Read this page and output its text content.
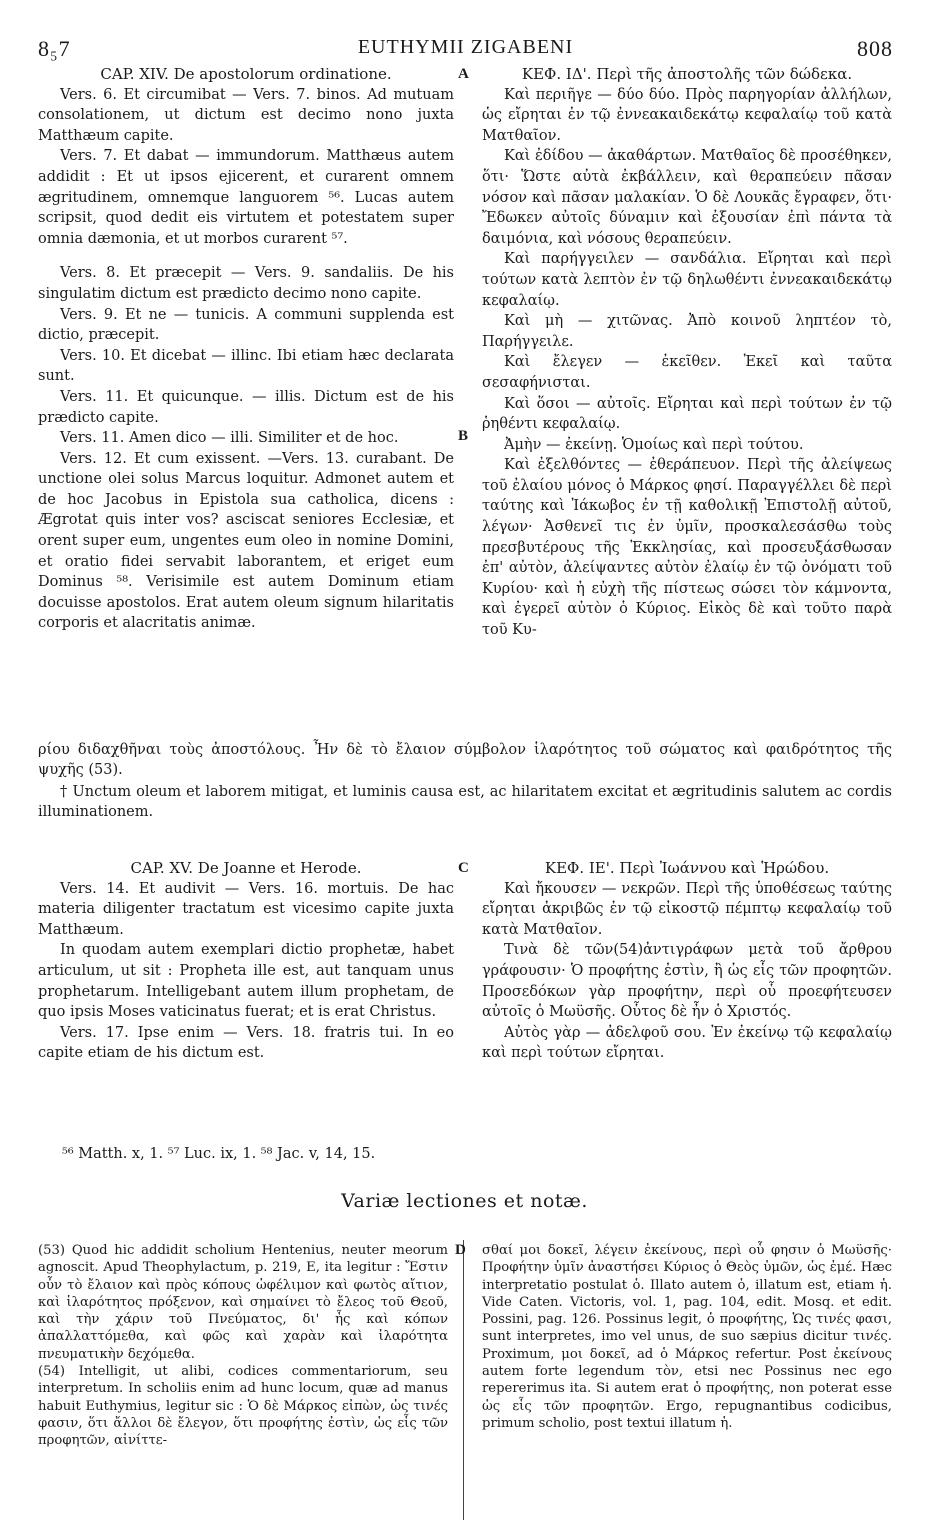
8₅7	EUTHYMII ZIGABENI	808

CAP. XIV. De apostolorum ordinatione.

Vers. 6. Et circumibat — Vers. 7. binos. Ad mutuam consolationem, ut dictum est decimo nono juxta Matthæum capite.

Vers. 7. Et dabat — immundorum. Matthæus autem addidit : Et ut ipsos ejicerent, et curarent omnem ægritudinem, omnemque languorem ⁵⁶. Lucas autem scripsit, quod dedit eis virtutem et potestatem super omnia dæmonia, et ut morbos curarent ⁵⁷.

Vers. 8. Et præcepit — Vers. 9. sandaliis. De his singulatim dictum est prædicto decimo nono capite.

Vers. 9. Et ne — tunicis. A communi supplenda est dictio, præcepit.

Vers. 10. Et dicebat — illinc. Ibi etiam hæc declarata sunt.

Vers. 11. Et quicunque. — illis. Dictum est de his prædicto capite.

Vers. 11. Amen dico — illi. Similiter et de hoc.

Vers. 12. Et cum exissent. —Vers. 13. curabant. De unctione olei solus Marcus loquitur. Admonet autem et de hoc Jacobus in Epistola sua catholica, dicens : Ægrotat quis inter vos? asciscat seniores Ecclesiæ, et orent super eum, ungentes eum oleo in nomine Domini, et oratio fidei servabit laborantem, et eriget eum Dominus ⁵⁸. Verisimile est autem Dominum etiam docuisse apostolos. Erat autem oleum signum hilaritatis corporis et alacritatis animæ.

A	ΚΕΦ. ΙΔ'. Περὶ τῆς ἀποστολῆς τῶν δώδεκα.

Καὶ περιῆγε — δύο δύο. Πρὸς παρηγορίαν ἀλλήλων, ὡς εἴρηται ἐν τῷ ἐννεακαιδεκάτῳ κεφαλαίῳ τοῦ κατὰ Ματθαῖον.

Καὶ ἐδίδου — ἀκαθάρτων. Ματθαῖος δὲ προσέθηκεν, ὅτι· Ὥστε αὐτὰ ἐκβάλλειν, καὶ θεραπεύειν πᾶσαν νόσον καὶ πᾶσαν μαλακίαν. Ὁ δὲ Λουκᾶς ἔγραφεν, ὅτι· Ἔδωκεν αὐτοῖς δύναμιν καὶ ἐξουσίαν ἐπὶ πάντα τὰ δαιμόνια, καὶ νόσους θεραπεύειν.

Καὶ παρήγγειλεν — σανδάλια. Εἴρηται καὶ περὶ τούτων κατὰ λεπτὸν ἐν τῷ δηλωθέντι ἐννεακαιδεκάτῳ κεφαλαίῳ.

Καὶ μὴ — χιτῶνας. Ἀπὸ κοινοῦ ληπτέον τὸ, Παρήγγειλε.

Καὶ ἔλεγεν — ἐκεῖθεν. Ἐκεῖ καὶ ταῦτα σεσαφήνισται.

Καὶ ὅσοι — αὐτοῖς. Εἴρηται καὶ περὶ τούτων ἐν τῷ ῥηθέντι κεφαλαίῳ.

Ἀμὴν — ἐκείνῃ. Ὁμοίως καὶ περὶ τούτου.

Καὶ ἐξελθόντες — ἐθεράπευον. Περὶ τῆς ἀλείψεως τοῦ ἐλαίου μόνος ὁ Μάρκος φησί. Παραγγέλλει δὲ περὶ ταύτης καὶ Ἰάκωβος ἐν τῇ καθολικῇ Ἐπιστολῇ αὐτοῦ, λέγων· Ἀσθενεῖ τις ἐν ὑμῖν, προσκαλεσάσθω τοὺς πρεσβυτέρους τῆς Ἐκκλησίας, καὶ προσευξάσθωσαν ἐπ' αὐτὸν, ἀλείψαντες αὐτὸν ἐλαίῳ ἐν τῷ ὀνόματι τοῦ Κυρίου· καὶ ἡ εὐχὴ τῆς πίστεως σώσει τὸν κάμνοντα, καὶ ἐγερεῖ αὐτὸν ὁ Κύριος. Εἰκὸς δὲ καὶ τοῦτο παρὰ τοῦ Κυ-

B
ρίου διδαχθῆναι τοὺς ἀποστόλους. Ἦν δὲ τὸ ἔλαιον σύμβολον ἱλαρότητος τοῦ σώματος καὶ φαιδρότητος τῆς ψυχῆς (53).
† Unctum oleum et laborem mitigat, et luminis causa est, ac hilaritatem excitat et ægritudinis salutem ac cordis illuminationem.

CAP. XV. De Joanne et Herode.

Vers. 14. Et audivit — Vers. 16. mortuis. De hac materia diligenter tractatum est vicesimo capite juxta Matthæum.

In quodam autem exemplari dictio prophetæ, habet articulum, ut sit : Propheta ille est, aut tanquam unus prophetarum. Intelligebant autem illum prophetam, de quo ipsis Moses vaticinatus fuerat; et is erat Christus.

Vers. 17. Ipse enim — Vers. 18. fratris tui. In eo capite etiam de his dictum est.

C	ΚΕΦ. ΙΕ'. Περὶ Ἰωάννου καὶ Ἡρώδου.

Καὶ ἤκουσεν — νεκρῶν. Περὶ τῆς ὑποθέσεως ταύτης εἴρηται ἀκριβῶς ἐν τῷ εἰκοστῷ πέμπτῳ κεφαλαίῳ τοῦ κατὰ Ματθαῖον.

Τινὰ δὲ τῶν(54)ἀντιγράφων μετὰ τοῦ ἄρθρου γράφουσιν· Ὁ προφήτης ἐστὶν, ἢ ὡς εἷς τῶν προφητῶν. Προσεδόκων γὰρ προφήτην, περὶ οὗ προεφήτευσεν αὐτοῖς ὁ Μωϋσῆς. Οὗτος δὲ ἦν ὁ Χριστός.

Αὐτὸς γὰρ — ἀδελφοῦ σου. Ἐν ἐκείνῳ τῷ κεφαλαίῳ καὶ περὶ τούτων εἴρηται.

⁵⁶ Matth. x, 1. ⁵⁷ Luc. ix, 1. ⁵⁸ Jac. v, 14, 15.
Variæ lectiones et notæ.
D

(53) Quod hic addidit scholium Hentenius, neuter meorum agnoscit. Apud Theophylactum, p. 219, E, ita legitur : Ἔστιν οὖν τὸ ἔλαιον καὶ πρὸς κόπους ὠφέλιμον καὶ φωτὸς αἴτιον, καὶ ἱλαρότητος πρόξενον, καὶ σημαίνει τὸ ἔλεος τοῦ Θεοῦ, καὶ τὴν χάριν τοῦ Πνεύματος, δι' ἧς καὶ κόπων ἀπαλλαττόμεθα, καὶ φῶς καὶ χαρὰν καὶ ἱλαρότητα πνευματικὴν δεχόμεθα.

(54) Intelligit, ut alibi, codices commentariorum, seu interpretum. In scholiis enim ad hunc locum, quæ ad manus habuit Euthymius, legitur sic : Ὁ δὲ Μάρκος εἰπὼν, ὡς τινές φασιν, ὅτι ἄλλοι δὲ ἔλεγον, ὅτι προφήτης ἐστὶν, ὡς εἷς τῶν προφητῶν, αἰνίττε-

σθαί μοι δοκεῖ, λέγειν ἐκείνους, περὶ οὗ φησιν ὁ Μωϋσῆς· Προφήτην ὑμῖν ἀναστήσει Κύριος ὁ Θεὸς ὑμῶν, ὡς ἐμέ. Hæc interpretatio postulat ὁ. Illato autem ὁ, illatum est, etiam ἡ. Vide Caten. Victoris, vol. 1, pag. 104, edit. Mosq. et edit. Possini, pag. 126. Possinus legit, ὁ προφήτης, Ὡς τινές φασι, sunt interpretes, imo vel unus, de suo sæpius dicitur τινές. Proximum, μοι δοκεῖ, ad ὁ Μάρκος refertur. Post ἐκείνους autem forte legendum τὸν, etsi nec Possinus nec ego repererimus ita. Si autem erat ὁ προφήτης, non poterat esse ὡς εἷς τῶν προφητῶν. Ergo, repugnantibus codicibus, primum scholio, post textui illatum ἡ.
